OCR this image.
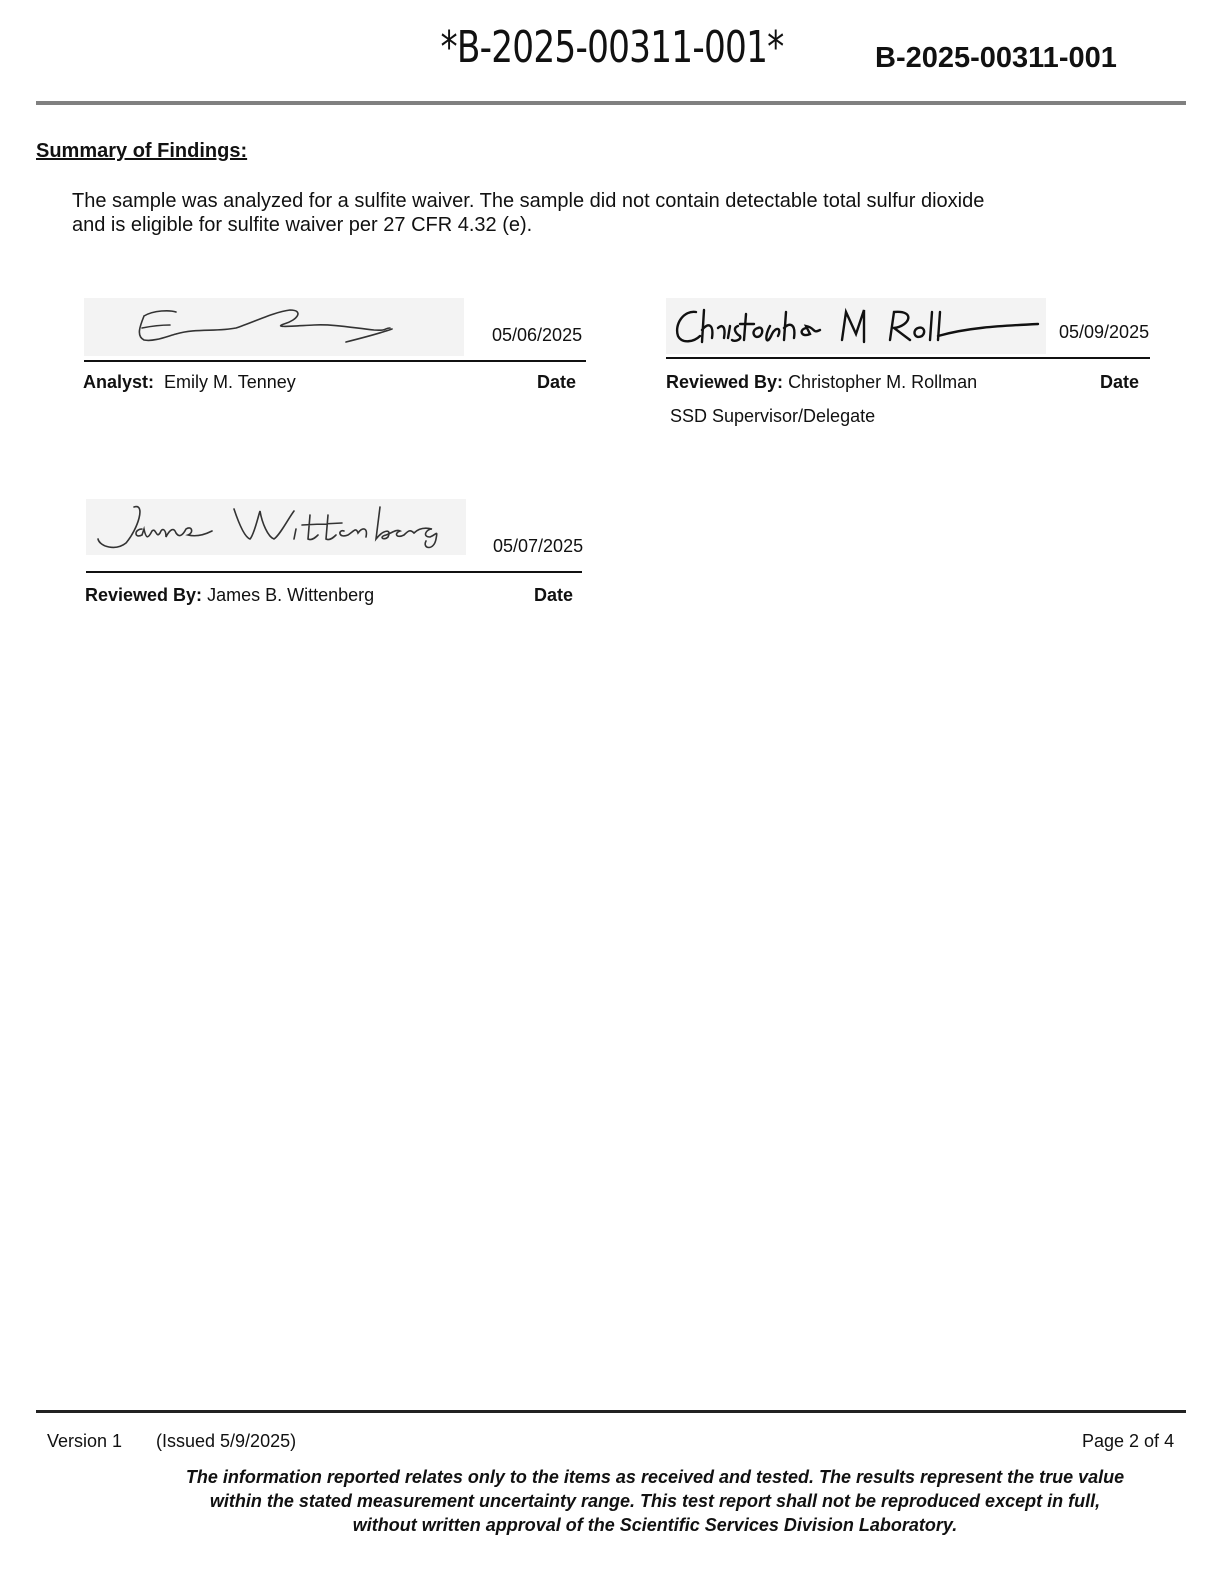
*B-2025-00311-001*	B-2025-00311-001
Summary of Findings:
The sample was analyzed for a sulfite waiver. The sample did not contain detectable total sulfur dioxide
and is eligible for sulfite waiver per 27 CFR 4.32 (e).
05/06/2025
Analyst: Emily M. Tenney	Date
05/09/2025
Reviewed By: Christopher M. Rollman	Date
SSD Supervisor/Delegate
05/07/2025
Reviewed By: James B. Wittenberg	Date
Version 1 (Issued 5/9/2025)	Page 2 of 4
The information reported relates only to the items as received and tested. The results represent the true value
within the stated measurement uncertainty range. This test report shall not be reproduced except in full,
without written approval of the Scientific Services Division Laboratory.
